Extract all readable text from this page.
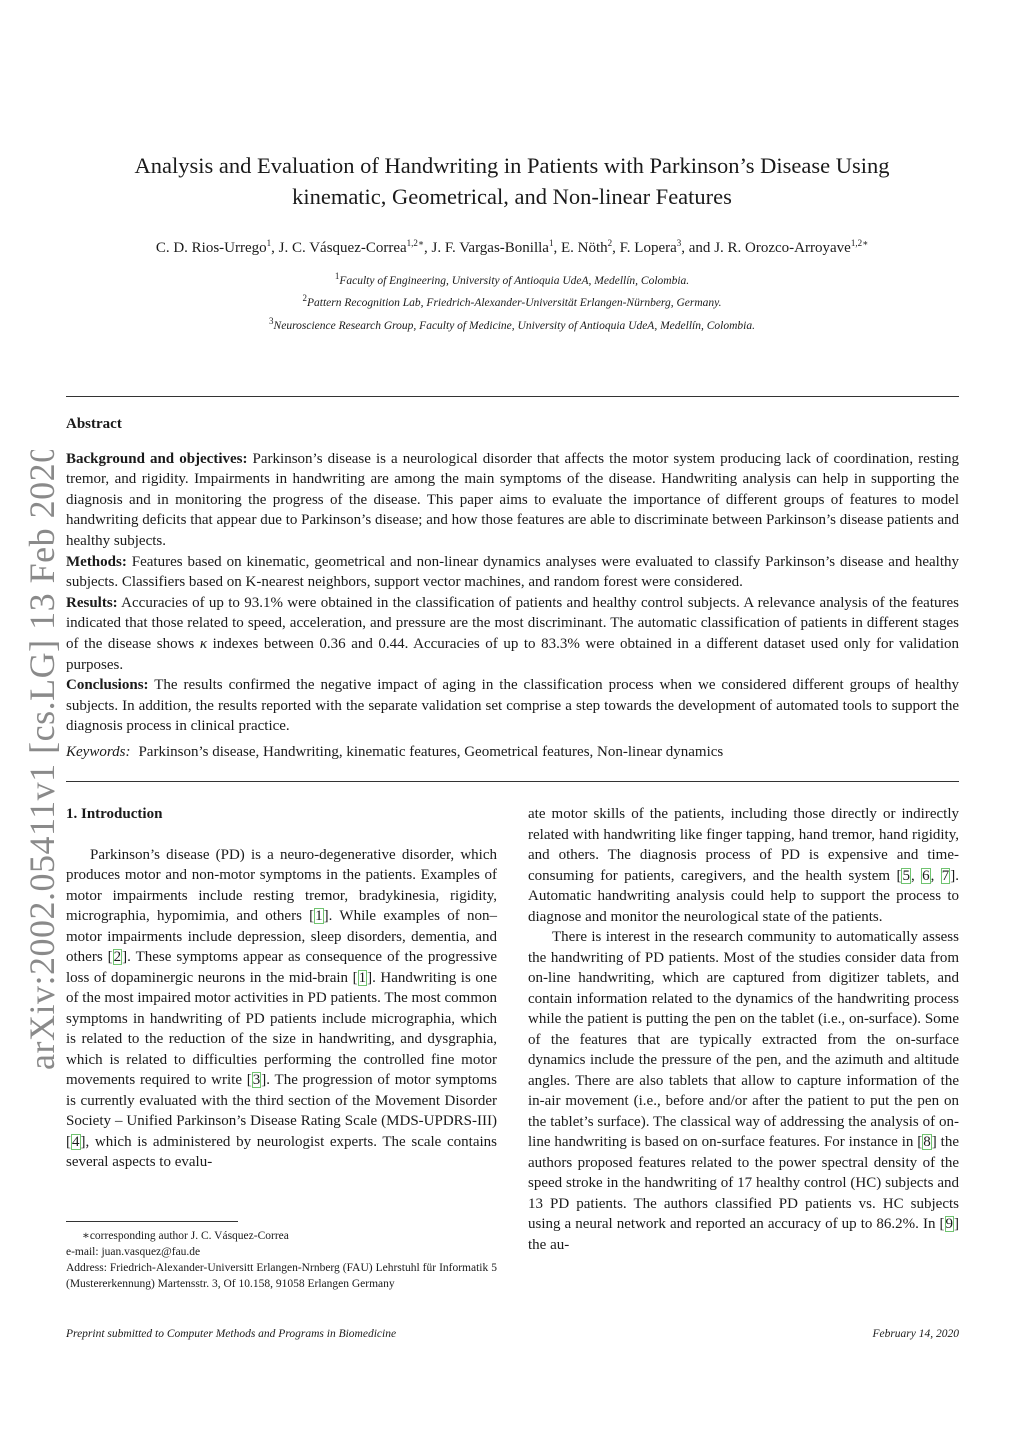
arXiv:2002.05411v1 [cs.LG] 13 Feb 2020
Analysis and Evaluation of Handwriting in Patients with Parkinson’s Disease Using
kinematic, Geometrical, and Non-linear Features
C. D. Rios-Urrego$^1$, J. C. Vásquez-Correa$^{1,2∗}$, J. F. Vargas-Bonilla$^1$, E. Nöth$^2$, F. Lopera$^3$, and J. R. Orozco-Arroyave$^{1,2∗}$
$^1$Faculty of Engineering, University of Antioquia UdeA, Medellín, Colombia.
$^2$Pattern Recognition Lab, Friedrich-Alexander-Universität Erlangen-Nürnberg, Germany.
$^3$Neuroscience Research Group, Faculty of Medicine, University of Antioquia UdeA, Medellín, Colombia.
Abstract

Background and objectives: Parkinson’s disease is a neurological disorder that affects the motor system producing lack of coordination, resting tremor, and rigidity. Impairments in handwriting are among the main symptoms of the disease. Handwriting analysis can help in supporting the diagnosis and in monitoring the progress of the disease. This paper aims to evaluate the importance of different groups of features to model handwriting deficits that appear due to Parkinson’s disease; and how those features are able to discriminate between Parkinson’s disease patients and healthy subjects.

Methods: Features based on kinematic, geometrical and non-linear dynamics analyses were evaluated to classify Parkinson’s disease and healthy subjects. Classifiers based on K-nearest neighbors, support vector machines, and random forest were considered.

Results: Accuracies of up to 93.1% were obtained in the classification of patients and healthy control subjects. A relevance analysis of the features indicated that those related to speed, acceleration, and pressure are the most discriminant. The automatic classification of patients in different stages of the disease shows κ indexes between 0.36 and 0.44. Accuracies of up to 83.3% were obtained in a different dataset used only for validation purposes.

Conclusions: The results confirmed the negative impact of aging in the classification process when we considered different groups of healthy subjects. In addition, the results reported with the separate validation set comprise a step towards the development of automated tools to support the diagnosis process in clinical practice.

Keywords: Parkinson’s disease, Handwriting, kinematic features, Geometrical features, Non-linear dynamics
1. Introduction

Parkinson’s disease (PD) is a neuro-degenerative disorder, which produces motor and non-motor symptoms in the patients. Examples of motor impairments include resting tremor, bradykinesia, rigidity, micrographia, hypomimia, and others [1]. While examples of non–motor impairments include depression, sleep disorders, dementia, and others [2]. These symptoms appear as consequence of the progressive loss of dopaminergic neurons in the mid-brain [1]. Handwriting is one of the most impaired motor activities in PD patients. The most common symptoms in handwriting of PD patients include micrographia, which is related to the reduction of the size in handwriting, and dysgraphia, which is related to difficulties performing the controlled fine motor movements required to write [3]. The progression of motor symptoms is currently evaluated with the third section of the Movement Disorder Society – Unified Parkinson’s Disease Rating Scale (MDS-UPDRS-III) [4], which is administered by neurologist experts. The scale contains several aspects to evalu-

ate motor skills of the patients, including those directly or indirectly related with handwriting like finger tapping, hand tremor, hand rigidity, and others. The diagnosis process of PD is expensive and time-consuming for patients, caregivers, and the health system [5, 6, 7]. Automatic handwriting analysis could help to support the process to diagnose and monitor the neurological state of the patients.

There is interest in the research community to automatically assess the handwriting of PD patients. Most of the studies consider data from on-line handwriting, which are captured from digitizer tablets, and contain information related to the dynamics of the handwriting process while the patient is putting the pen on the tablet (i.e., on-surface). Some of the features that are typically extracted from the on-surface dynamics include the pressure of the pen, and the azimuth and altitude angles. There are also tablets that allow to capture information of the in-air movement (i.e., before and/or after the patient to put the pen on the tablet’s surface). The classical way of addressing the analysis of on-line handwriting is based on on-surface features. For instance in [8] the authors proposed features related to the power spectral density of the speed stroke in the handwriting of 17 healthy control (HC) subjects and 13 PD patients. The authors classified PD patients vs. HC subjects using a neural network and reported an accuracy of up to 86.2%. In [9] the au-

∗corresponding author J. C. Vásquez-Correa

e-mail: juan.vasquez@fau.de

Address: Friedrich-Alexander-Universitt Erlangen-Nrnberg (FAU) Lehrstuhl für Informatik 5 (Mustererkennung) Martensstr. 3, Of 10.158, 91058 Erlangen Germany

Preprint submitted to Computer Methods and Programs in Biomedicine	February 14, 2020
